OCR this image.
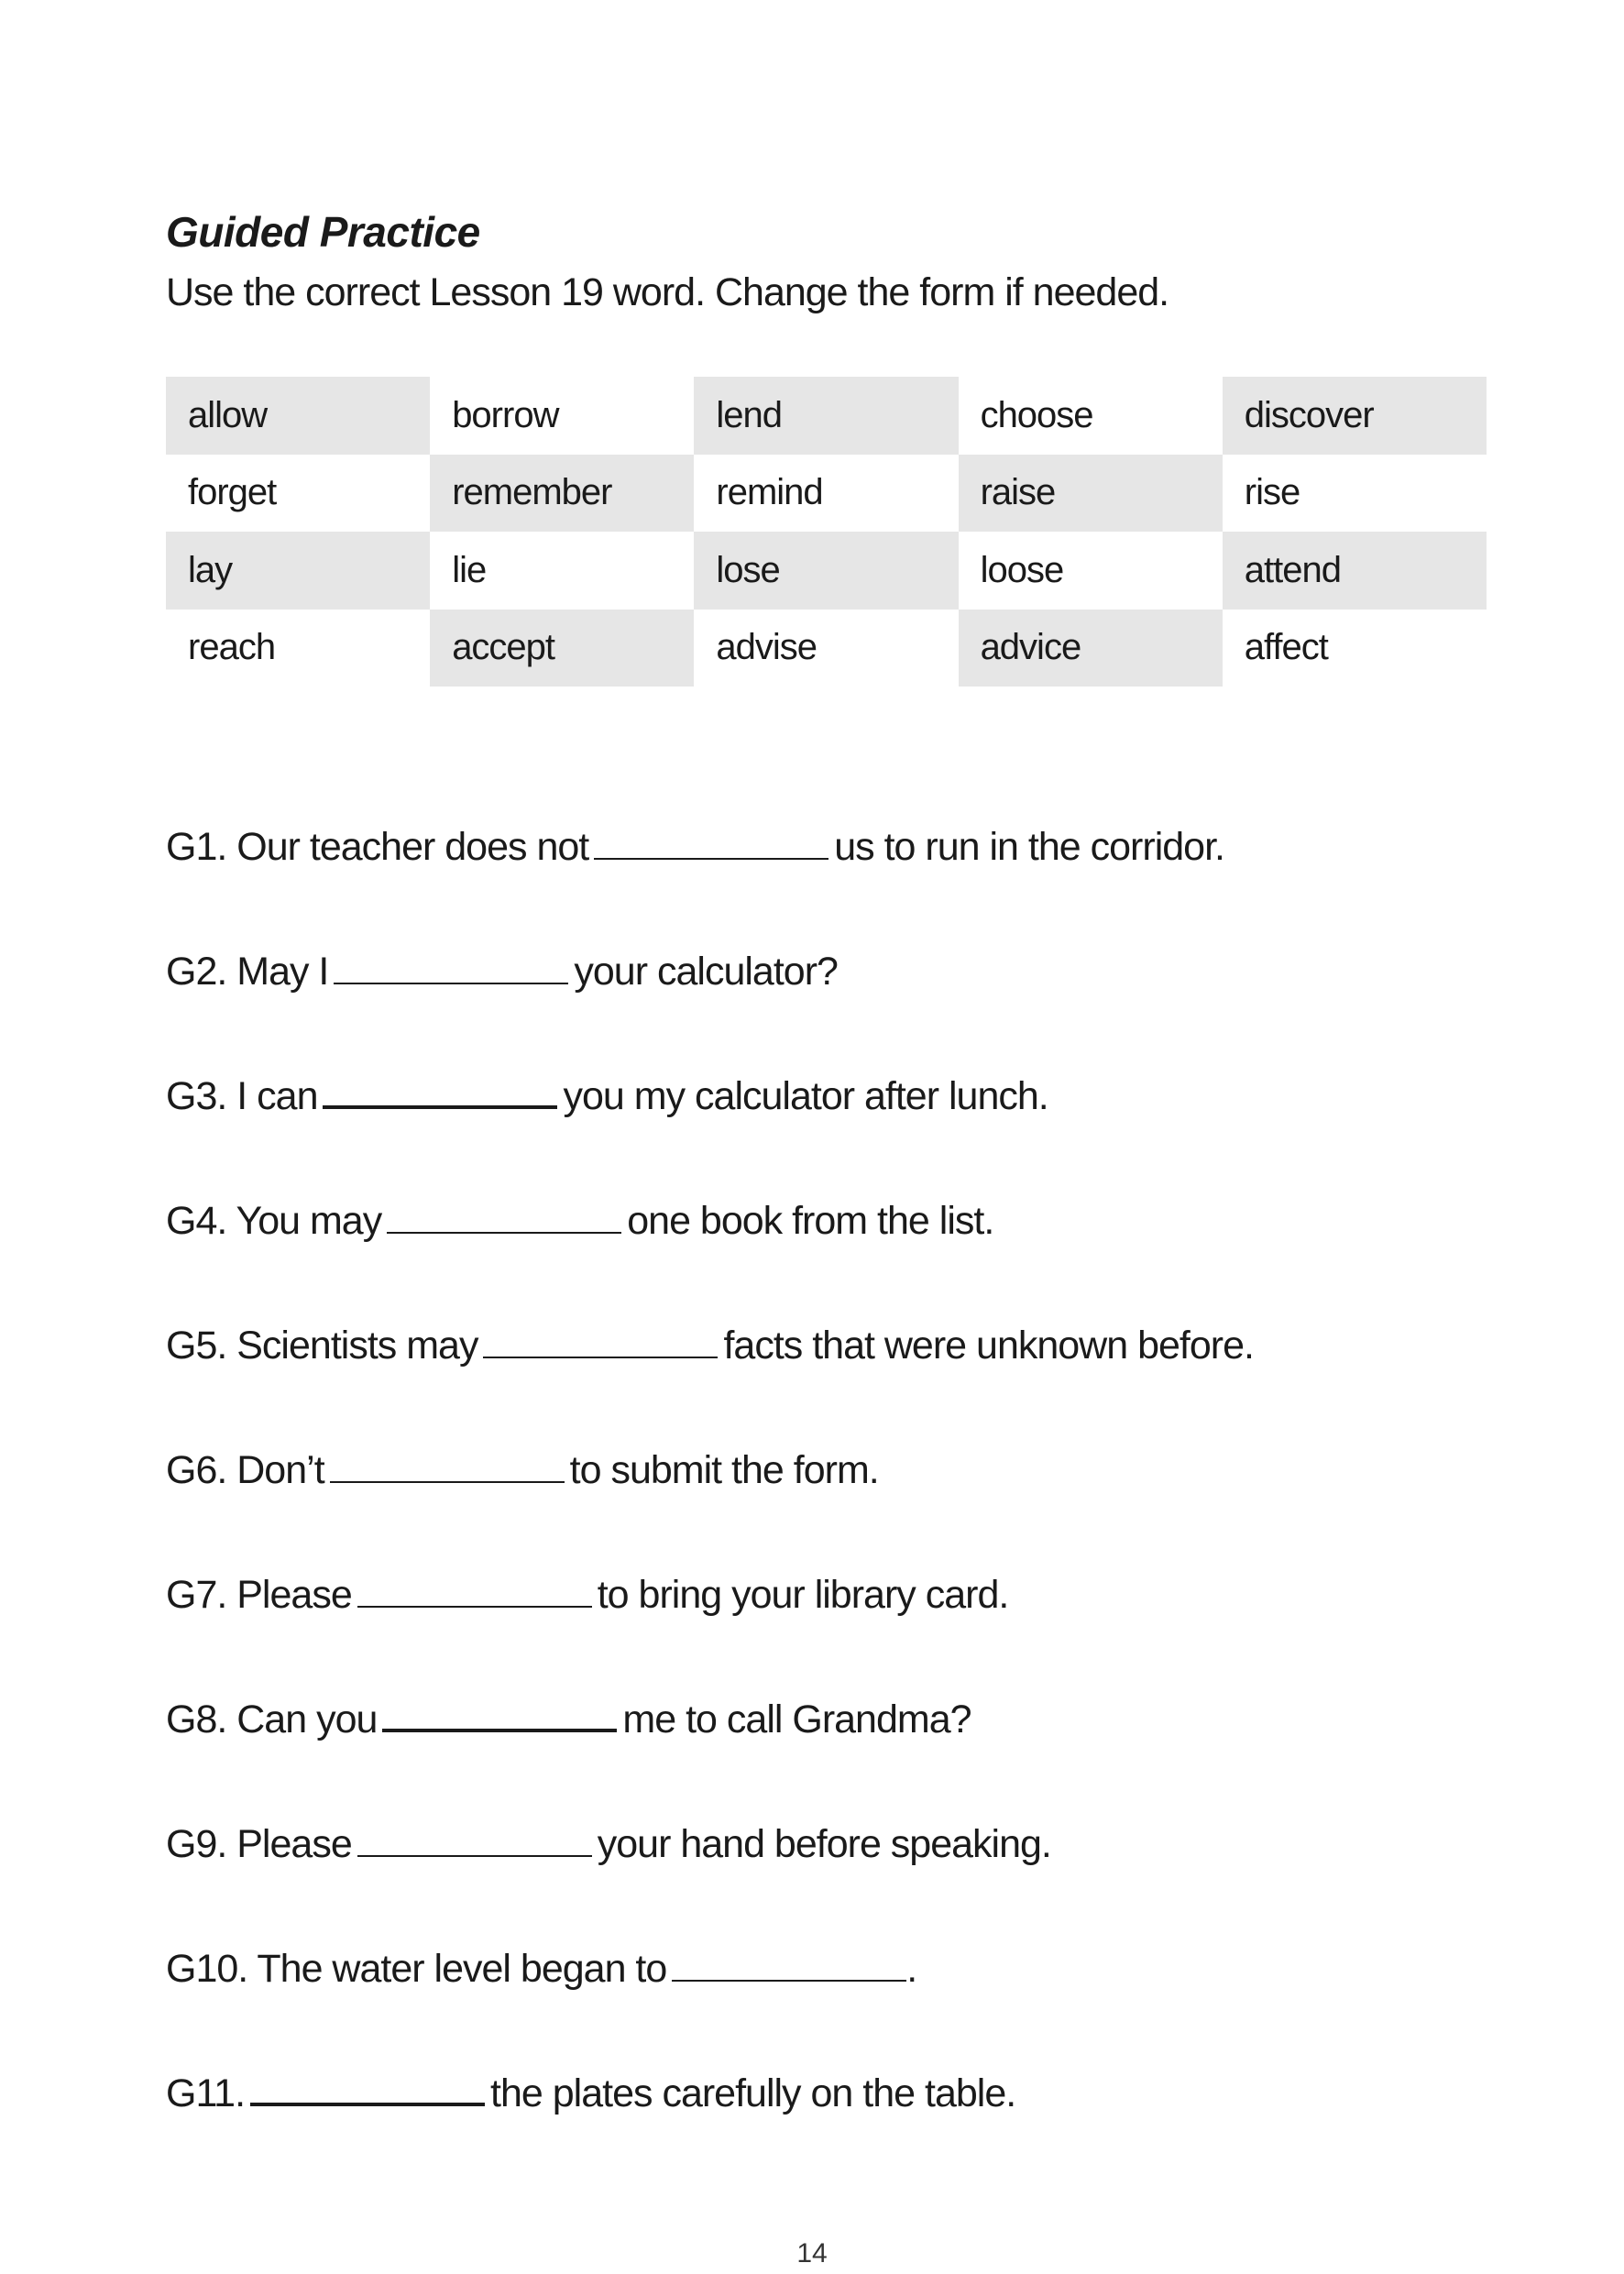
Guided Practice
Use the correct Lesson 19 word. Change the form if needed.
allow	borrow	lend	choose	discover
forget	remember	remind	raise	rise
lay	lie	lose	loose	attend
reach	accept	advise	advice	affect
G1. Our teacher does not	us to run in the corridor.
G2. May I	your calculator?
G3. I can	you my calculator after lunch.
G4. You may	one book from the list.
G5. Scientists may	facts that were unknown before.
G6. Don’t	to submit the form.
G7. Please	to bring your library card.
G8. Can you	me to call Grandma?
G9. Please	your hand before speaking.
G10. The water level began to	.
G11.	the plates carefully on the table.
14
